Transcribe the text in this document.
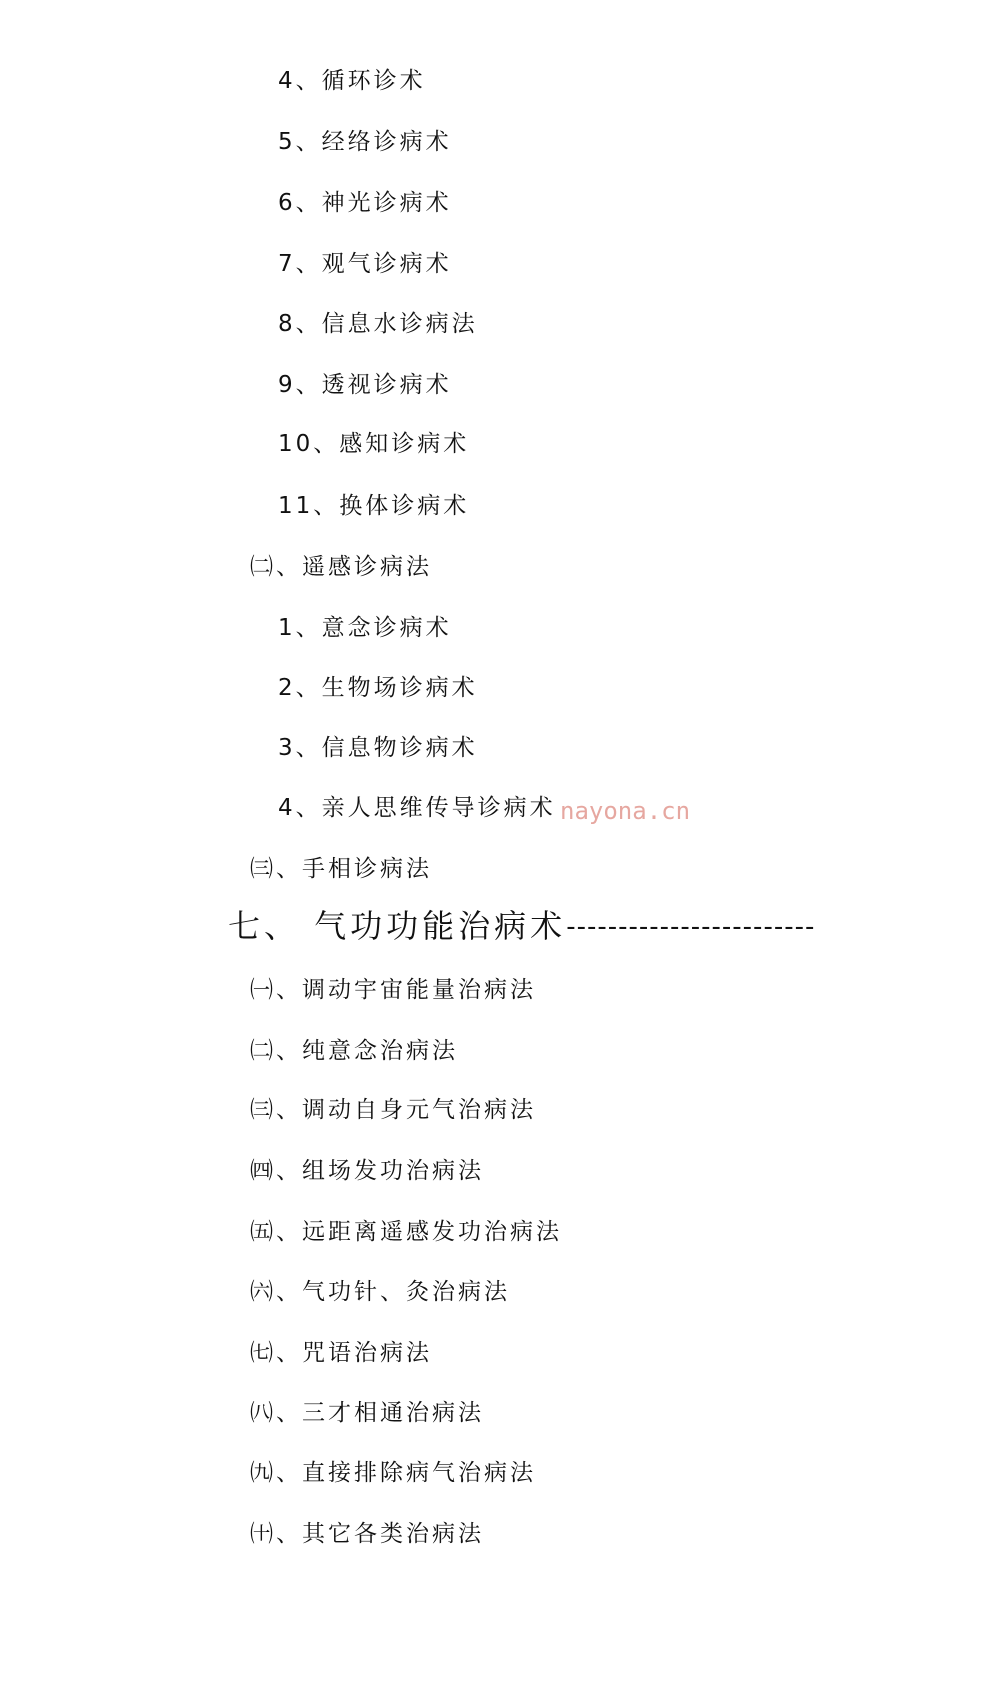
4、循环诊术
5、经络诊病术
6、神光诊病术
7、观气诊病术
8、信息水诊病法
9、透视诊病术
10、感知诊病术
11、换体诊病术
㈡、遥感诊病法
1、意念诊病术
2、生物场诊病术
3、信息物诊病术
4、亲人思维传导诊病术
㈢、手相诊病法
七、 气功功能治病术------------------------
㈠、调动宇宙能量治病法
㈡、纯意念治病法
㈢、调动自身元气治病法
㈣、组场发功治病法
㈤、远距离遥感发功治病法
㈥、气功针、灸治病法
㈦、咒语治病法
㈧、三才相通治病法
㈨、直接排除病气治病法
㈩、其它各类治病法
nayona.cn
